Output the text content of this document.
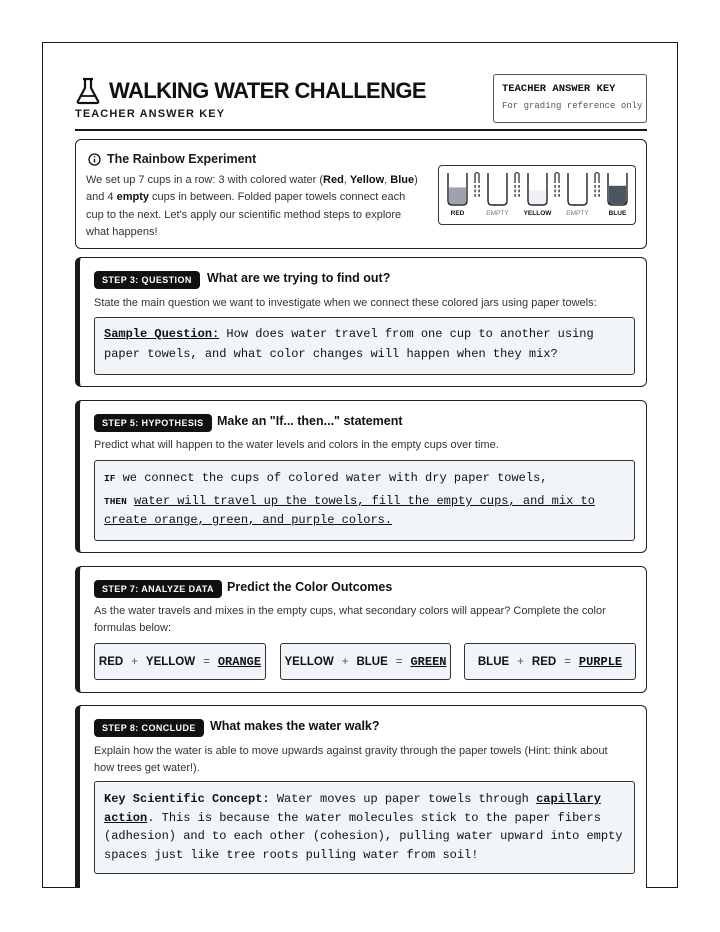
WALKING WATER CHALLENGE
TEACHER ANSWER KEY
TEACHER ANSWER KEY
For grading reference only
The Rainbow Experiment
We set up 7 cups in a row: 3 with colored water (Red, Yellow, Blue)
and 4 empty cups in between. Folded paper towels connect each
cup to the next. Let's apply our scientific method steps to explore
what happens!
RED	EMPTY YELLOW EMPTY	BLUE
STEP 3: QUESTION	What are we trying to find out?
State the main question we want to investigate when we connect these colored jars using paper towels:
Sample Question: How does water travel from one cup to another using
paper towels, and what color changes will happen when they mix?
STEP 5: HYPOTHESIS	Make an "If... then..." statement
Predict what will happen to the water levels and colors in the empty cups over time.
IF we connect the cups of colored water with dry paper towels,
THEN water will travel up the towels, fill the empty cups, and mix to
create orange, green, and purple colors.
STEP 7: ANALYZE DATA	Predict the Color Outcomes
As the water travels and mixes in the empty cups, what secondary colors will appear? Complete the color
formulas below:
RED + YELLOW = ORANGE YELLOW + BLUE = GREEN	BLUE + RED = PURPLE
STEP 8: CONCLUDE	What makes the water walk?
Explain how the water is able to move upwards against gravity through the paper towels (Hint: think about
how trees get water!).
Key Scientific Concept: Water moves up paper towels through capillary
action. This is because the water molecules stick to the paper fibers
(adhesion) and to each other (cohesion), pulling water upward into empty
spaces just like tree roots pulling water from soil!
